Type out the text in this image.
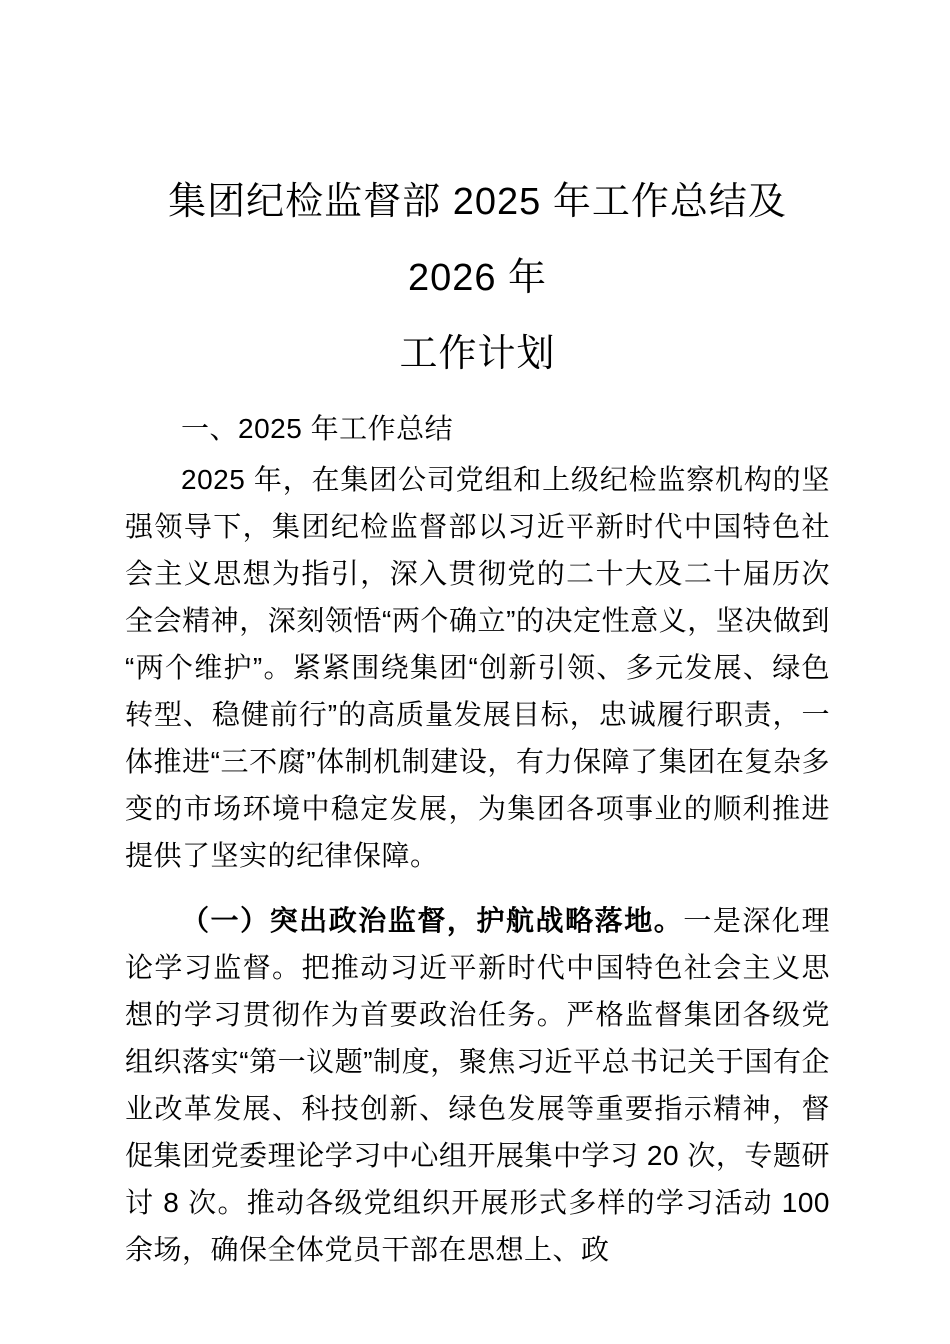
集团纪检监督部 2025 年工作总结及 2026 年
工作计划
一、2025 年工作总结

2025 年，在集团公司党组和上级纪检监察机构的坚强领导下，集团纪检监督部以习近平新时代中国特色社会主义思想为指引，深入贯彻党的二十大及二十届历次全会精神，深刻领悟“两个确立”的决定性意义，坚决做到“两个维护”。紧紧围绕集团“创新引领、多元发展、绿色转型、稳健前行”的高质量发展目标，忠诚履行职责，一体推进“三不腐”体制机制建设，有力保障了集团在复杂多变的市场环境中稳定发展，为集团各项事业的顺利推进提供了坚实的纪律保障。

（一）突出政治监督，护航战略落地。一是深化理论学习监督。把推动习近平新时代中国特色社会主义思想的学习贯彻作为首要政治任务。严格监督集团各级党组织落实“第一议题”制度，聚焦习近平总书记关于国有企业改革发展、科技创新、绿色发展等重要指示精神，督促集团党委理论学习中心组开展集中学习 20 次，专题研讨 8 次。推动各级党组织开展形式多样的学习活动 100 余场，确保全体党员干部在思想上、政
